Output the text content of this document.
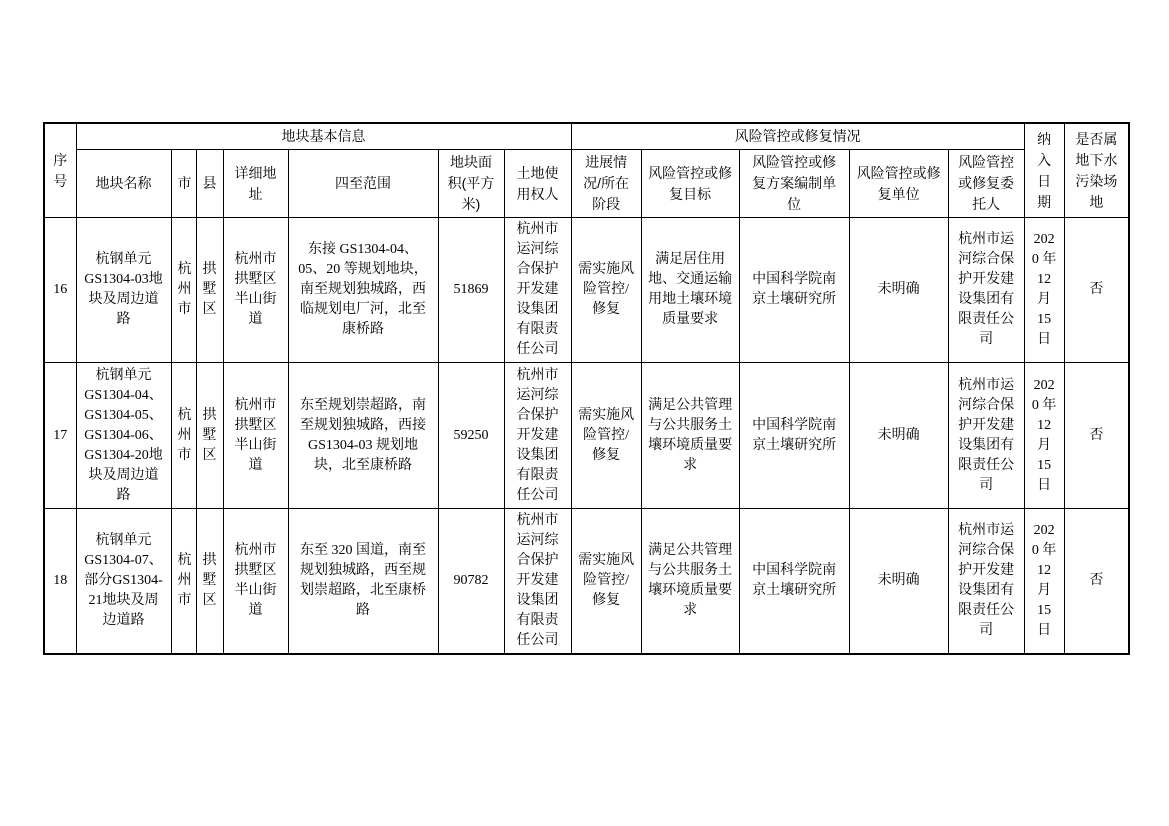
序号	地块基本信息							风险管控或修复情况					纳入日期	是否属地下水污染场地
	地块名称	市	县	详细地址	四至范围	地块面积(平方米)	土地使用权人	进展情况/所在阶段	风险管控或修复目标	风险管控或修复方案编制单位	风险管控或修复单位	风险管控或修复委托人		
16	杭钢单元GS1304-03地块及周边道路	杭州市	拱墅区	杭州市拱墅区半山街道	东接 GS1304-04、05、20 等规划地块，南至规划独城路，西临规划电厂河，北至康桥路	51869	杭州市运河综合保护开发建设集团有限责任公司	需实施风险管控/修复	满足居住用地、交通运输用地土壤环境质量要求	中国科学院南京土壤研究所	未明确	杭州市运河综合保护开发建设集团有限责任公司	2020 年 12 月 15 日	否
17	杭钢单元GS1304-04、GS1304-05、GS1304-06、GS1304-20地块及周边道路	杭州市	拱墅区	杭州市拱墅区半山街道	东至规划崇超路，南至规划独城路，西接 GS1304-03 规划地块，北至康桥路	59250	杭州市运河综合保护开发建设集团有限责任公司	需实施风险管控/修复	满足公共管理与公共服务土壤环境质量要求	中国科学院南京土壤研究所	未明确	杭州市运河综合保护开发建设集团有限责任公司	2020 年 12 月 15 日	否
18	杭钢单元GS1304-07、部分GS1304-21地块及周边道路	杭州市	拱墅区	杭州市拱墅区半山街道	东至 320 国道，南至规划独城路，西至规划崇超路，北至康桥路	90782	杭州市运河综合保护开发建设集团有限责任公司	需实施风险管控/修复	满足公共管理与公共服务土壤环境质量要求	中国科学院南京土壤研究所	未明确	杭州市运河综合保护开发建设集团有限责任公司	2020 年 12 月 15 日	否
